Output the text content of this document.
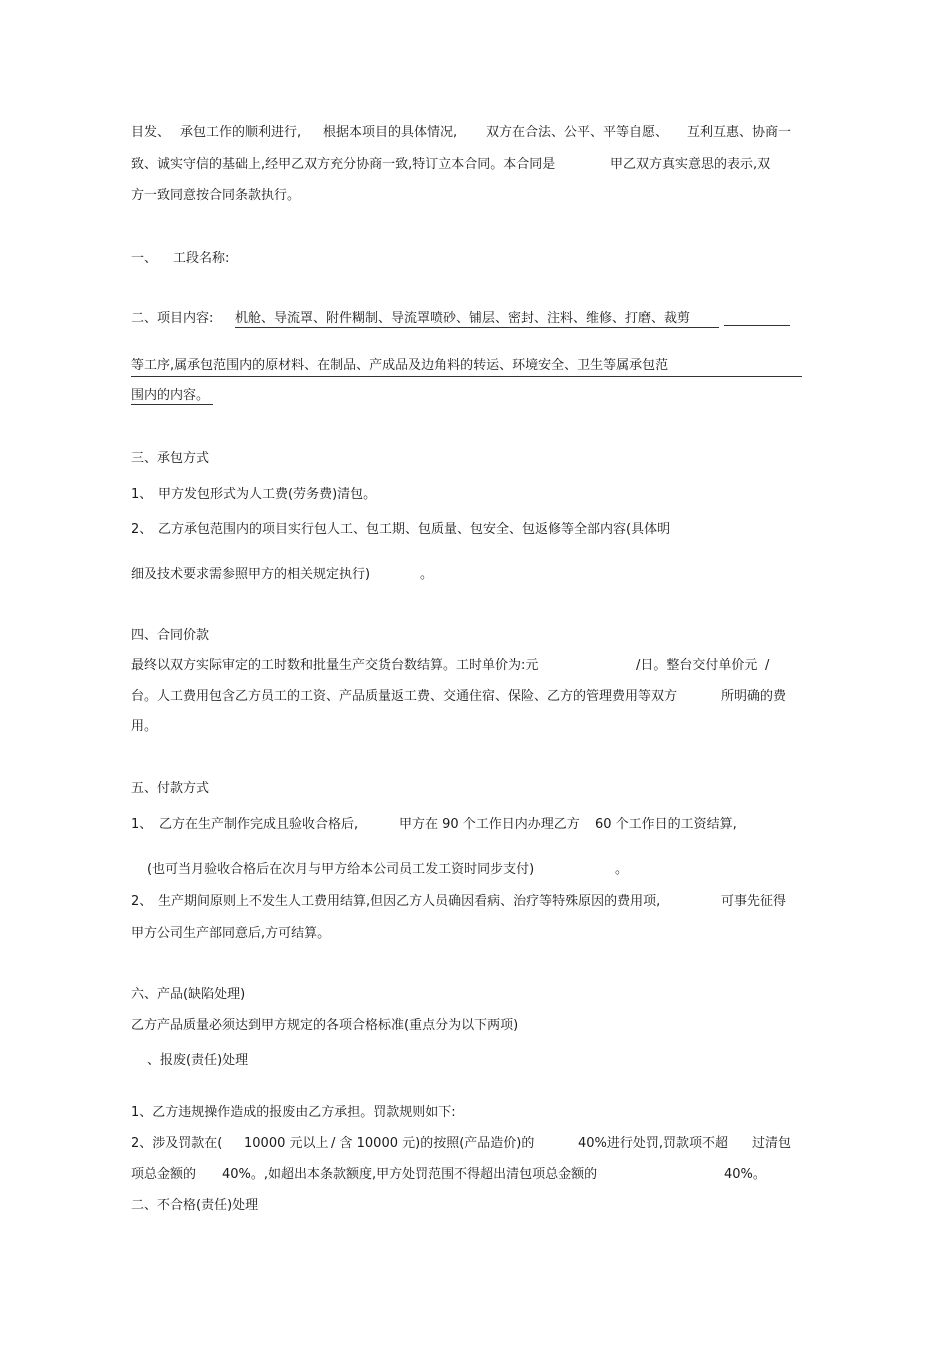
目发、 承包工作的顺利进行, 根据本项目的具体情况, 双方在合法、公平、平等自愿、 互利互惠、协商一
致、诚实守信的基础上,经甲乙双方充分协商一致,特订立本合同。本合同是	甲乙双方真实意思的表示,双
方一致同意按合同条款执行。
一、 工段名称:
二、项目内容: 机舱、导流罩、附件糊制、导流罩喷砂、铺层、密封、注料、维修、打磨、裁剪
等工序,属承包范围内的原材料、在制品、产成品及边角料的转运、环境安全、卫生等属承包范
围内的内容。
三、承包方式
1、 甲方发包形式为人工费(劳务费)清包。
2、 乙方承包范围内的项目实行包人工、包工期、包质量、包安全、包返修等全部内容(具体明
细及技术要求需参照甲方的相关规定执行)	。
四、合同价款
最终以双方实际审定的工时数和批量生产交货台数结算。工时单价为:元	/日。整台交付单价元 /
台。人工费用包含乙方员工的工资、产品质量返工费、交通住宿、保险、乙方的管理费用等双方	所明确的费
用。
五、付款方式
1、 乙方在生产制作完成且验收合格后,	甲方在 90 个工作日内办理乙方 60 个工作日的工资结算,
(也可当月验收合格后在次月与甲方给本公司员工发工资时同步支付)	。
2、 生产期间原则上不发生人工费用结算,但因乙方人员确因看病、治疗等特殊原因的费用项,	可事先征得
甲方公司生产部同意后,方可结算。
六、产品(缺陷处理)
乙方产品质量必须达到甲方规定的各项合格标准(重点分为以下两项)
、报废(责任)处理
1、乙方违规操作造成的报废由乙方承担。罚款规则如下:
2、涉及罚款在( 10000 元以上 / 含 10000 元)的按照(产品造价)的	40%进行处罚,罚款项不超 过清包
项总金额的 40%。,如超出本条款额度,甲方处罚范围不得超出清包项总金额的	40%。
二、不合格(责任)处理
